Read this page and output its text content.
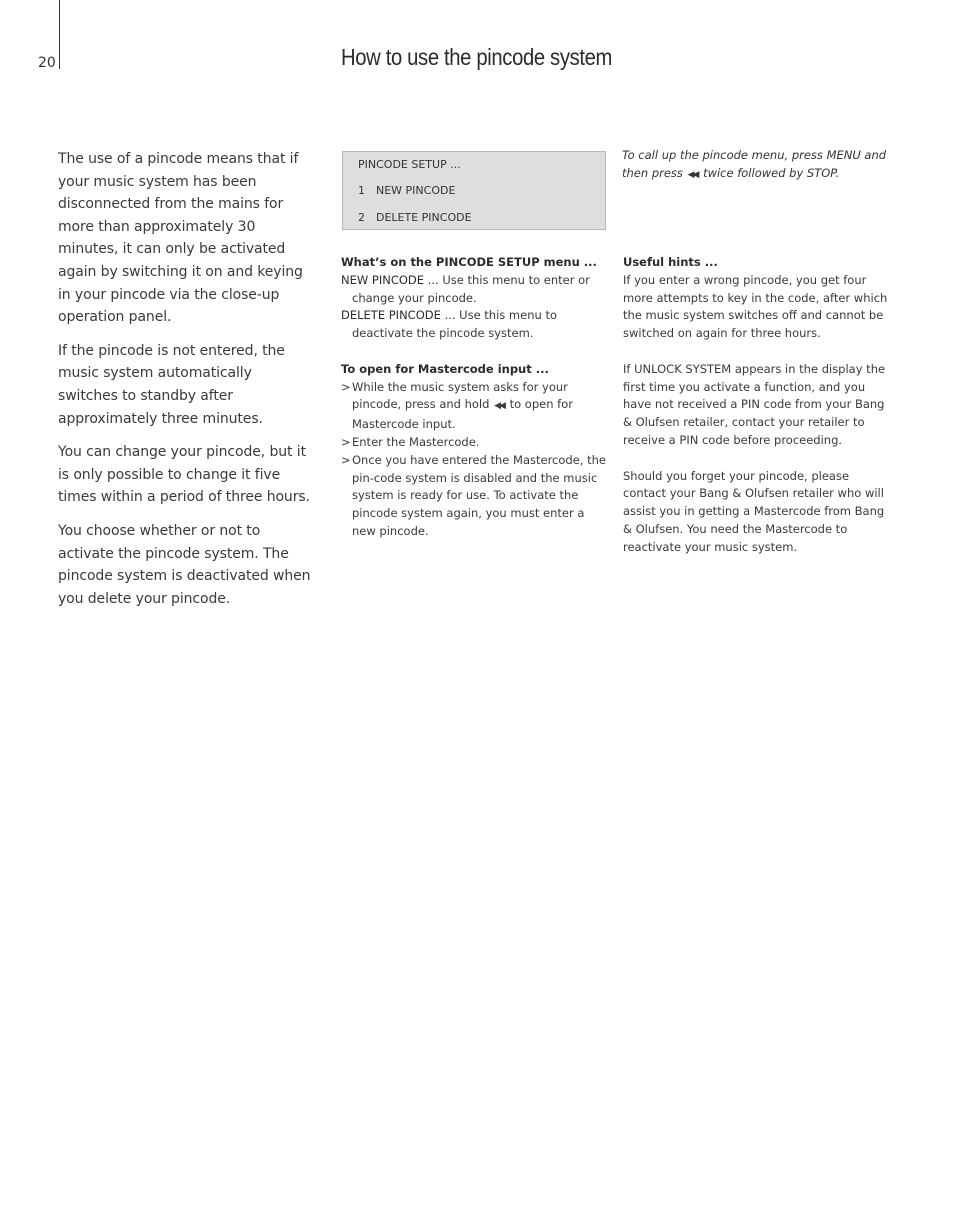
20	How to use the pincode system

The use of a pincode means that if your music system has been disconnected from the mains for more than approximately 30 minutes, it can only be activated again by switching it on and keying in your pincode via the close-up operation panel.

If the pincode is not entered, the music system automatically switches to standby after approximately three minutes.

You can change your pincode, but it is only possible to change it five times within a period of three hours.

You choose whether or not to activate the pincode system. The pincode system is deactivated when you delete your pincode.

PINCODE SETUP ...
1 NEW PINCODE
2 DELETE PINCODE
To call up the pincode menu, press MENU and then press ◀◀ twice followed by STOP.

What’s on the PINCODE SETUP menu ...

NEW PINCODE ... Use this menu to enter or change your pincode.

DELETE PINCODE ... Use this menu to deactivate the pincode system.

To open for Mastercode input ...

> While the music system asks for your pincode, press and hold ◀◀ to open for Mastercode input.

> Enter the Mastercode.

> Once you have entered the Mastercode, the pin-code system is disabled and the music system is ready for use. To activate the pincode system again, you must enter a new pincode.

Useful hints ...

If you enter a wrong pincode, you get four more attempts to key in the code, after which the music system switches off and cannot be switched on again for three hours.

If UNLOCK SYSTEM appears in the display the first time you activate a function, and you have not received a PIN code from your Bang & Olufsen retailer, contact your retailer to receive a PIN code before proceeding.

Should you forget your pincode, please contact your Bang & Olufsen retailer who will assist you in getting a Mastercode from Bang & Olufsen. You need the Mastercode to reactivate your music system.
